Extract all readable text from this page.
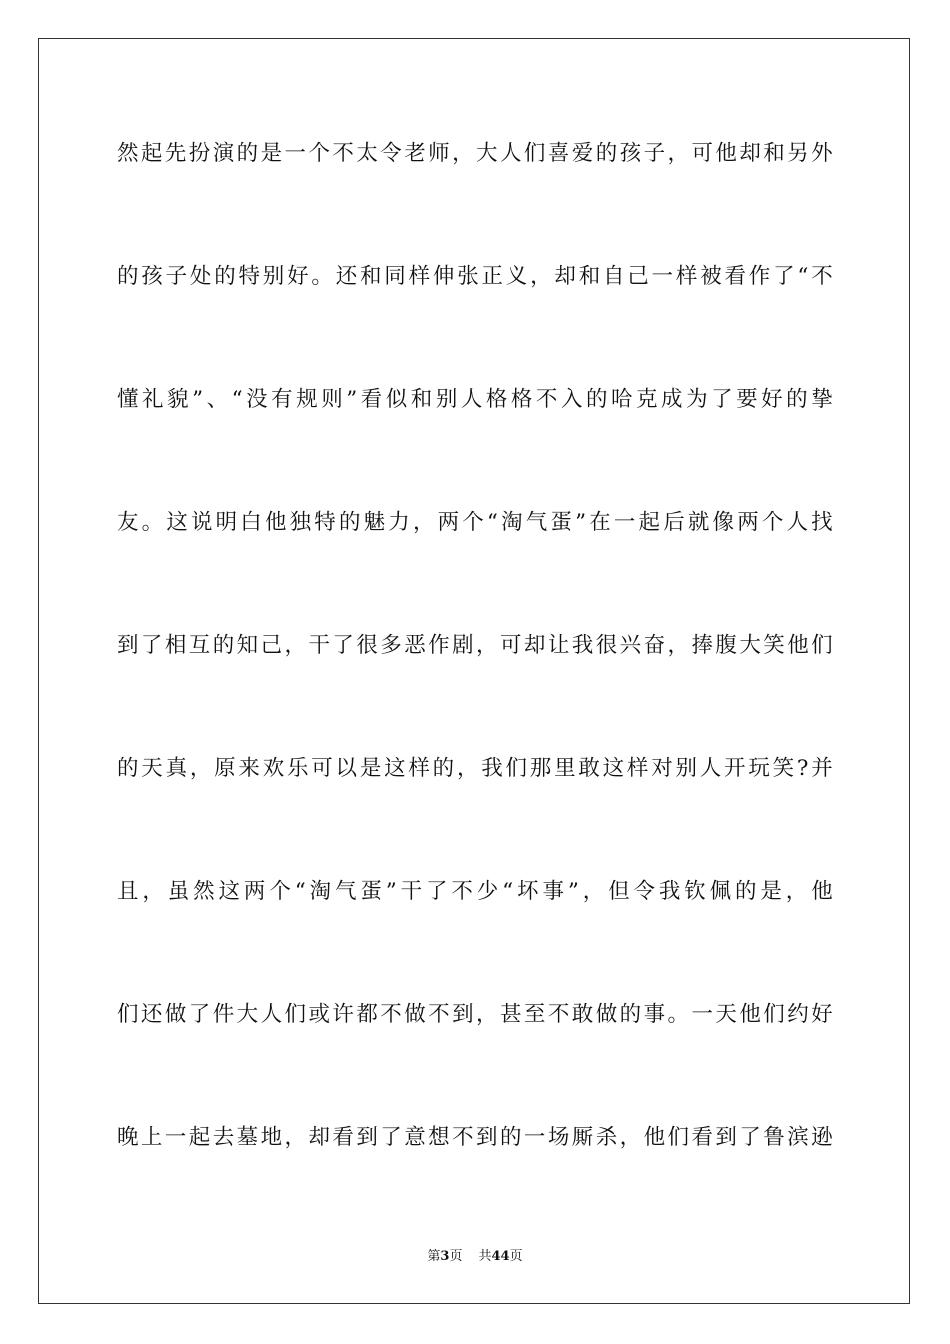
然起先扮演的是一个不太令老师，大人们喜爱的孩子，可他却和另外
的孩子处的特别好。还和同样伸张正义，却和自己一样被看作了“不
懂礼貌”、“没有规则”看似和别人格格不入的哈克成为了要好的挚
友。这说明白他独特的魅力，两个“淘气蛋”在一起后就像两个人找
到了相互的知己，干了很多恶作剧，可却让我很兴奋，捧腹大笑他们
的天真，原来欢乐可以是这样的，我们那里敢这样对别人开玩笑?并
且，虽然这两个“淘气蛋”干了不少“坏事”，但令我钦佩的是，他
们还做了件大人们或许都不做不到，甚至不敢做的事。一天他们约好
晚上一起去墓地，却看到了意想不到的一场厮杀，他们看到了鲁滨逊
第3页 共44页
